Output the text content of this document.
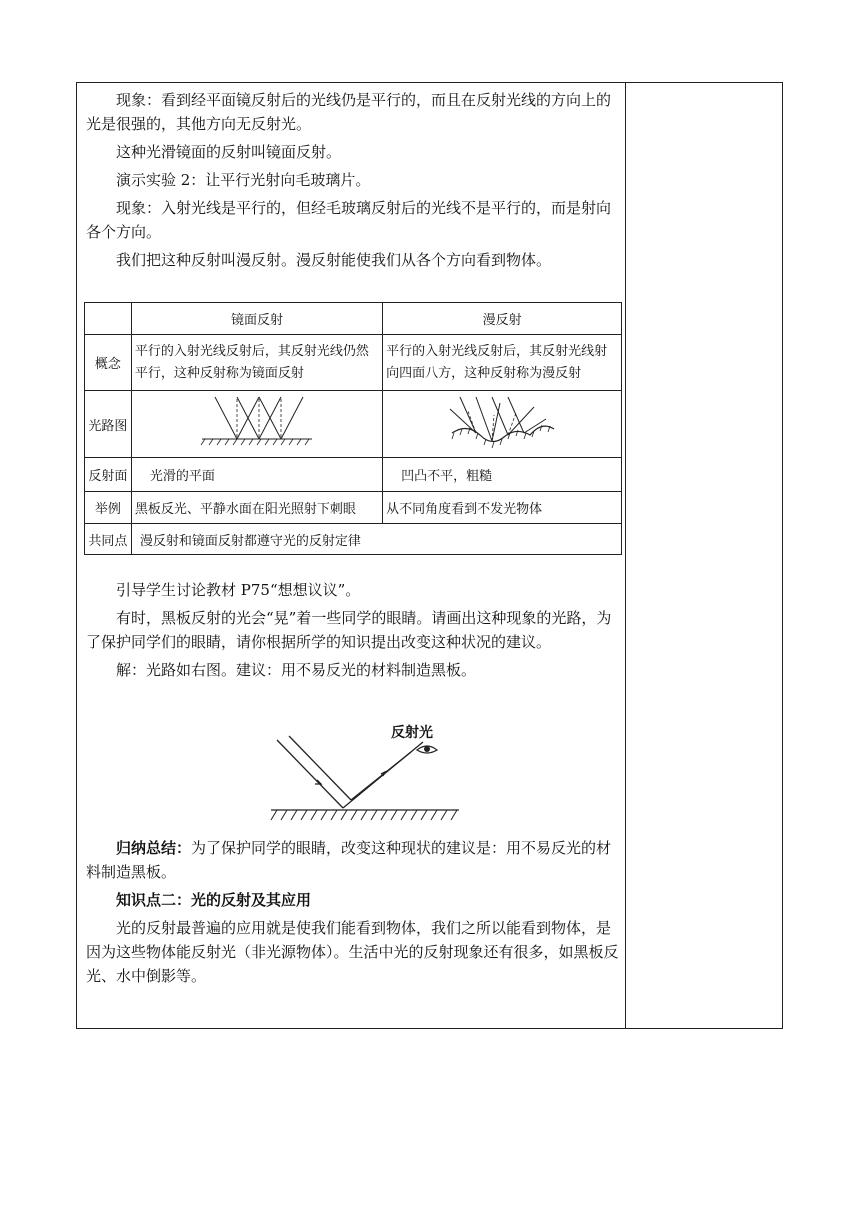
现象：看到经平面镜反射后的光线仍是平行的，而且在反射光线的方向上的光是很强的，其他方向无反射光。

这种光滑镜面的反射叫镜面反射。

演示实验 2：让平行光射向毛玻璃片。

现象：入射光线是平行的，但经毛玻璃反射后的光线不是平行的，而是射向各个方向。

我们把这种反射叫漫反射。漫反射能使我们从各个方向看到物体。

	镜面反射	漫反射
概念	平行的入射光线反射后，其反射光线仍然平行，这种反射称为镜面反射	平行的入射光线反射后，其反射光线射向四面八方，这种反射称为漫反射
光路图		
反射面	光滑的平面	凹凸不平，粗糙
举例	黑板反光、平静水面在阳光照射下刺眼	从不同角度看到不发光物体
共同点	漫反射和镜面反射都遵守光的反射定律	

引导学生讨论教材 P75“想想议议”。

有时，黑板反射的光会“晃”着一些同学的眼睛。请画出这种现象的光路，为了保护同学们的眼睛，请你根据所学的知识提出改变这种状况的建议。

解：光路如右图。建议：用不易反光的材料制造黑板。

反射光

归纳总结：为了保护同学的眼睛，改变这种现状的建议是：用不易反光的材料制造黑板。

知识点二：光的反射及其应用

光的反射最普遍的应用就是使我们能看到物体，我们之所以能看到物体，是因为这些物体能反射光（非光源物体）。生活中光的反射现象还有很多，如黑板反光、水中倒影等。
